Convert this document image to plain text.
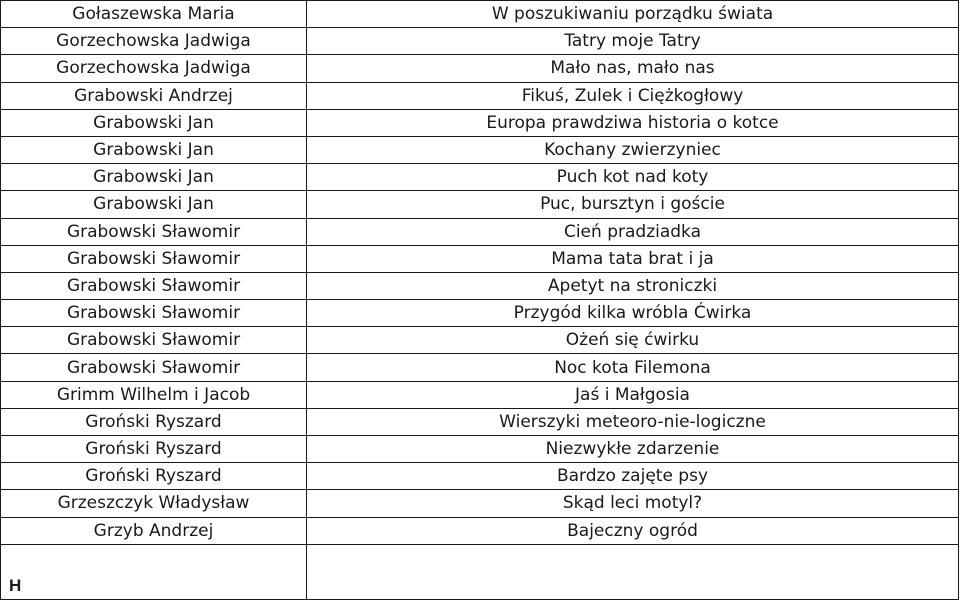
Gołaszewska Maria	W poszukiwaniu porządku świata
Gorzechowska Jadwiga	Tatry moje Tatry
Gorzechowska Jadwiga	Mało nas, mało nas
Grabowski Andrzej	Fikuś, Zulek i Ciężkogłowy
Grabowski Jan	Europa prawdziwa historia o kotce
Grabowski Jan	Kochany zwierzyniec
Grabowski Jan	Puch kot nad koty
Grabowski Jan	Puc, bursztyn i goście
Grabowski Sławomir	Cień pradziadka
Grabowski Sławomir	Mama tata brat i ja
Grabowski Sławomir	Apetyt na stroniczki
Grabowski Sławomir	Przygód kilka wróbla Ćwirka
Grabowski Sławomir	Ożeń się ćwirku
Grabowski Sławomir	Noc kota Filemona
Grimm Wilhelm i Jacob	Jaś i Małgosia
Groński Ryszard	Wierszyki meteoro-nie-logiczne
Groński Ryszard	Niezwykłe zdarzenie
Groński Ryszard	Bardzo zajęte psy
Grzeszczyk Władysław	Skąd leci motyl?
Grzyb Andrzej	Bajeczny ogród
H	
